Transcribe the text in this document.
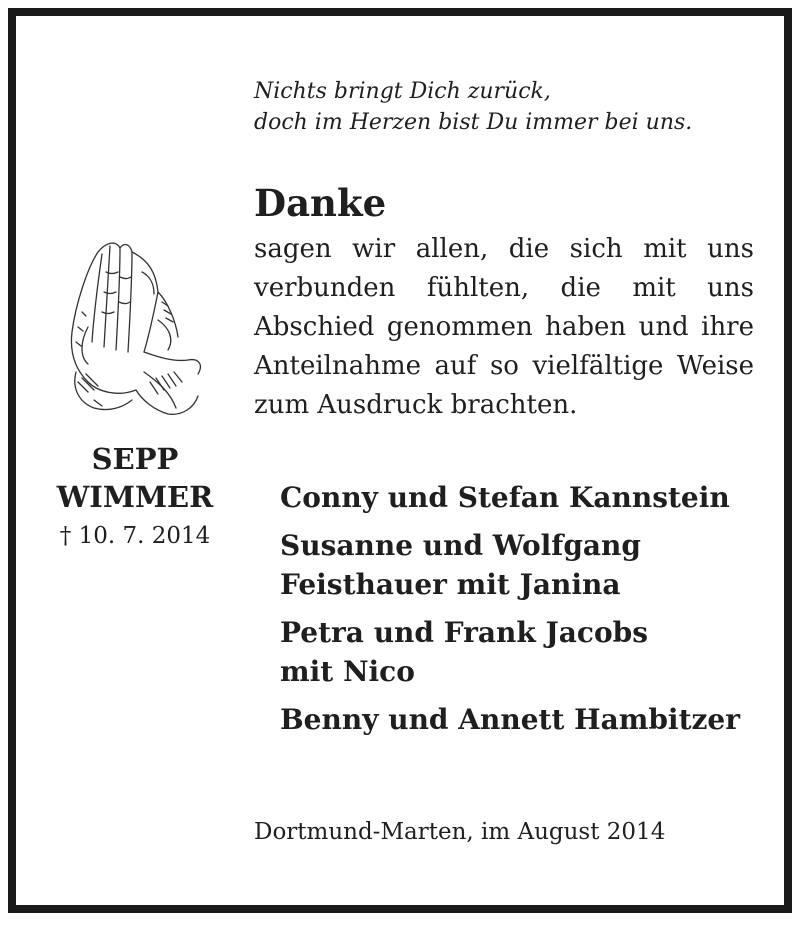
Nichts bringt Dich zurück,
doch im Herzen bist Du immer bei uns.
Danke
sagen wir allen, die sich mit uns verbunden fühlten, die mit uns Abschied genommen haben und ihre Anteilnahme auf so vielfältige Weise zum Ausdruck brachten.
SEPP
WIMMER
† 10. 7. 2014
Conny und Stefan Kannstein
Susanne und Wolfgang
Feisthauer mit Janina
Petra und Frank Jacobs
mit Nico
Benny und Annett Hambitzer
Dortmund-Marten, im August 2014
